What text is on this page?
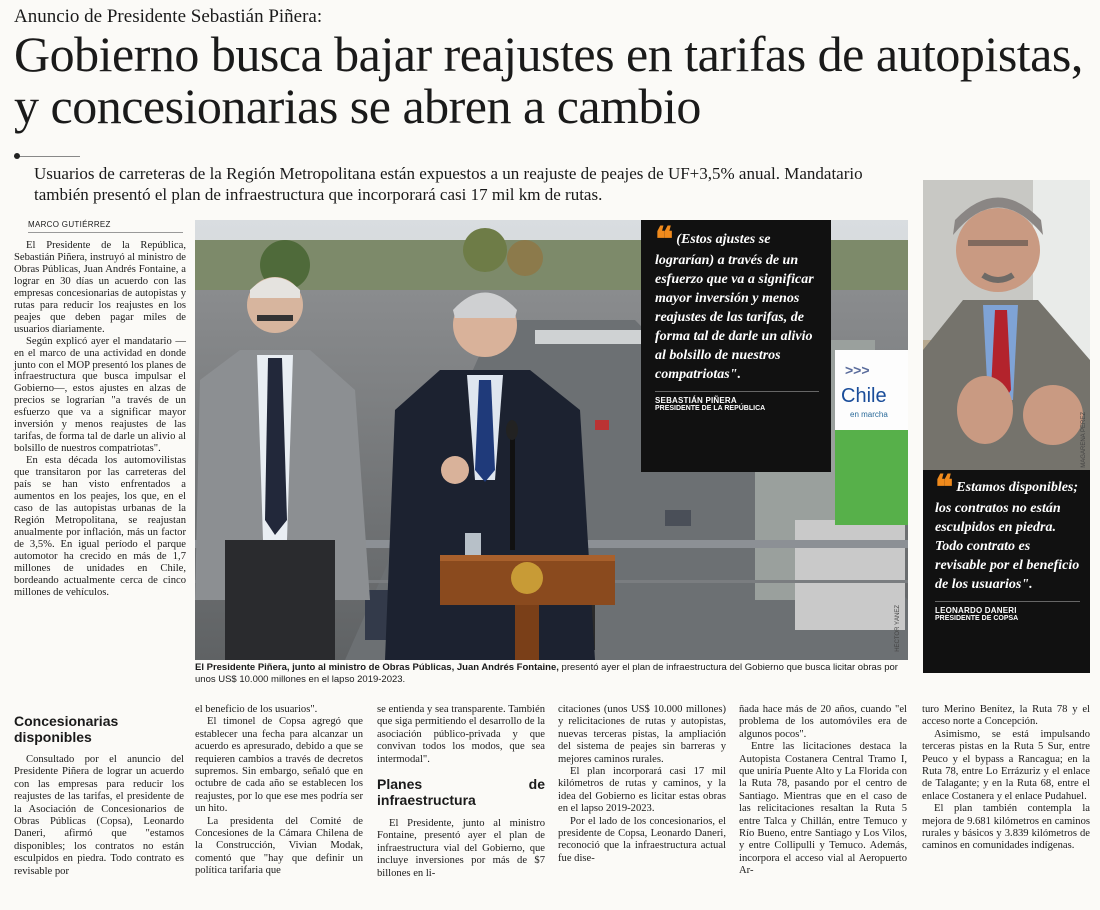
Anuncio de Presidente Sebastián Piñera:
Gobierno busca bajar reajustes en tarifas de autopistas, y concesionarias se abren a cambio
Usuarios de carreteras de la Región Metropolitana están expuestos a un reajuste de peajes de UF+3,5% anual. Mandatario también presentó el plan de infraestructura que incorporará casi 17 mil km de rutas.
MARCO GUTIÉRREZ

El Presidente de la República, Sebastián Piñera, instruyó al ministro de Obras Públicas, Juan Andrés Fontaine, a lograr en 30 días un acuerdo con las empresas concesionarias de autopistas y rutas para reducir los reajustes en los peajes que deben pagar miles de usuarios diariamente.

Según explicó ayer el mandatario —en el marco de una actividad en donde junto con el MOP presentó los planes de infraestructura que busca impulsar el Gobierno—, estos ajustes en alzas de precios se lograrían "a través de un esfuerzo que va a significar mayor inversión y menos reajustes de las tarifas, de forma tal de darle un alivio al bolsillo de nuestros compatriotas".

En esta década los automovilistas que transitaron por las carreteras del país se han visto enfrentados a aumentos en los peajes, los que, en el caso de las autopistas urbanas de la Región Metropolitana, se reajustan anualmente por inflación, más un factor de 3,5%. En igual período el parque automotor ha crecido en más de 1,7 millones de unidades en Chile, bordeando actualmente cerca de cinco millones de vehículos.

>>>
Chile
en marcha
HÉCTOR YÁÑEZ
❝ (Estos ajustes se lograrían) a través de un esfuerzo que va a significar mayor inversión y menos reajustes de las tarifas, de forma tal de darle un alivio al bolsillo de nuestros compatriotas".
SEBASTIÁN PIÑERA
PRESIDENTE DE LA REPÚBLICA
MAGARENA PÉREZ
❝ Estamos disponibles; los contratos no están esculpidos en piedra. Todo contrato es revisable por el beneficio de los usuarios".
LEONARDO DANERI
PRESIDENTE DE COPSA
El Presidente Piñera, junto al ministro de Obras Públicas, Juan Andrés Fontaine, presentó ayer el plan de infraestructura del Gobierno que busca licitar obras por unos US$ 10.000 millones en el lapso 2019-2023.
Concesionarias disponibles

Consultado por el anuncio del Presidente Piñera de lograr un acuerdo con las empresas para reducir los reajustes de las tarifas, el presidente de la Asociación de Concesionarios de Obras Públicas (Copsa), Leonardo Daneri, afirmó que "estamos disponibles; los contratos no están esculpidos en piedra. Todo contrato es revisable por

el beneficio de los usuarios".

El timonel de Copsa agregó que establecer una fecha para alcanzar un acuerdo es apresurado, debido a que se requieren cambios a través de decretos supremos. Sin embargo, señaló que en octubre de cada año se establecen los reajustes, por lo que ese mes podría ser un hito.

La presidenta del Comité de Concesiones de la Cámara Chilena de la Construcción, Vivian Modak, comentó que "hay que definir un política tarifaria que

se entienda y sea transparente. También que siga permitiendo el desarrollo de la asociación público-privada y que convivan todos los modos, que sea intermodal".

Planes de infraestructura

El Presidente, junto al ministro Fontaine, presentó ayer el plan de infraestructura vial del Gobierno, que incluye inversiones por más de $7 billones en li-

citaciones (unos US$ 10.000 millones) y relicitaciones de rutas y autopistas, nuevas terceras pistas, la ampliación del sistema de peajes sin barreras y mejores caminos rurales.

El plan incorporará casi 17 mil kilómetros de rutas y caminos, y la idea del Gobierno es licitar estas obras en el lapso 2019-2023.

Por el lado de los concesionarios, el presidente de Copsa, Leonardo Daneri, reconoció que la infraestructura actual fue dise-

ñada hace más de 20 años, cuando "el problema de los automóviles era de algunos pocos".

Entre las licitaciones destaca la Autopista Costanera Central Tramo I, que uniría Puente Alto y La Florida con la Ruta 78, pasando por el centro de Santiago. Mientras que en el caso de las relicitaciones resaltan la Ruta 5 entre Talca y Chillán, entre Temuco y Río Bueno, entre Santiago y Los Vilos, y entre Collipulli y Temuco. Además, incorpora el acceso vial al Aeropuerto Ar-

turo Merino Benítez, la Ruta 78 y el acceso norte a Concepción.

Asimismo, se está impulsando terceras pistas en la Ruta 5 Sur, entre Peuco y el bypass a Rancagua; en la Ruta 78, entre Lo Errázuriz y el enlace de Talagante; y en la Ruta 68, entre el enlace Costanera y el enlace Pudahuel.

El plan también contempla la mejora de 9.681 kilómetros en caminos rurales y básicos y 3.839 kilómetros de caminos en comunidades indígenas.
